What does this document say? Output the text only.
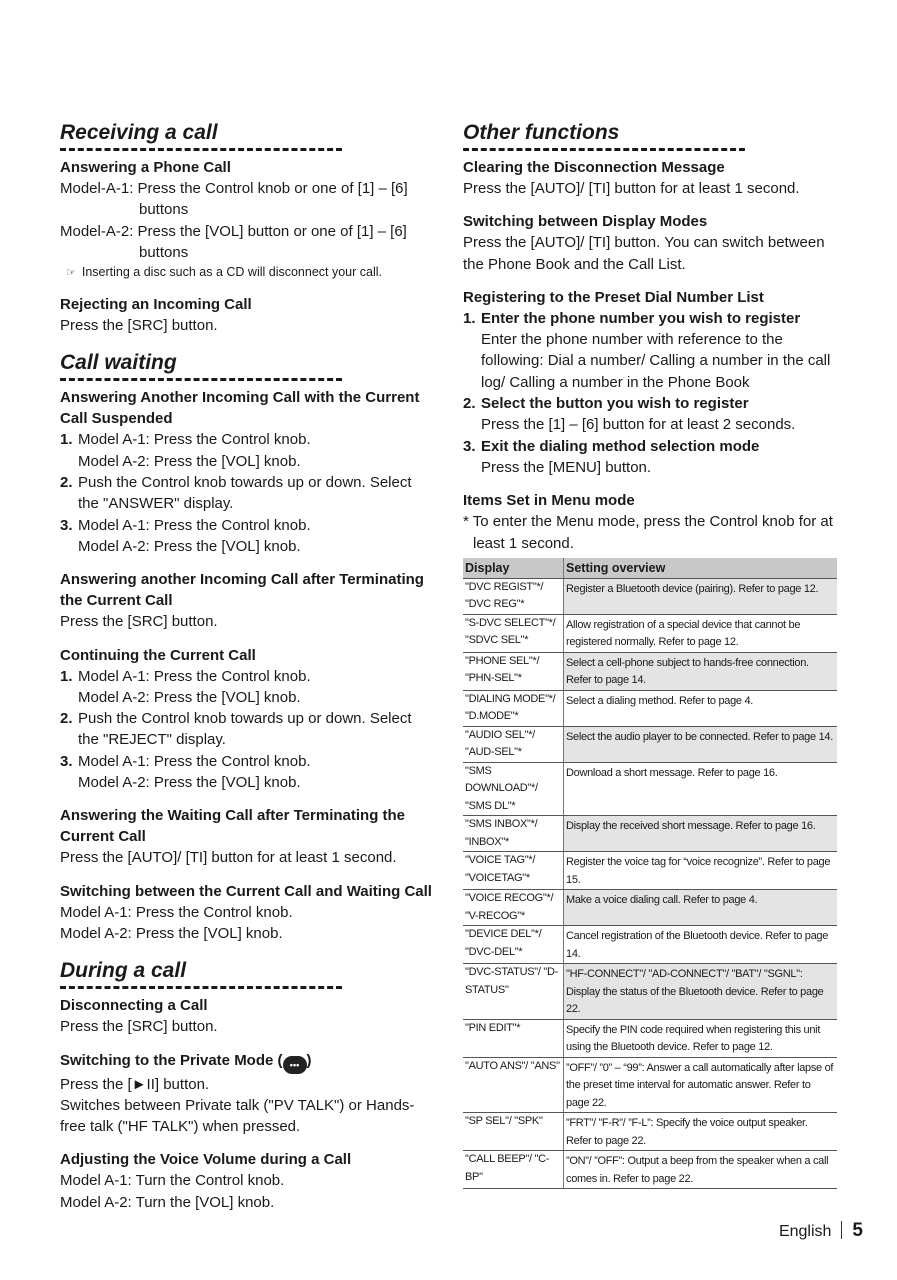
Receiving a call

Answering a Phone Call

Model-A-1: Press the Control knob or one of [1] – [6] buttons

Model-A-2: Press the [VOL] button or one of [1] – [6] buttons

☞ Inserting a disc such as a CD will disconnect your call.

Rejecting an Incoming Call

Press the [SRC] button.

Call waiting

Answering Another Incoming Call with the Current Call Suspended

1. Model A-1: Press the Control knob.
Model A-2: Press the [VOL] knob.
2. Push the Control knob towards up or down. Select the "ANSWER" display.
3. Model A-1: Press the Control knob.
Model A-2: Press the [VOL] knob.

Answering another Incoming Call after Terminating the Current Call

Press the [SRC] button.

Continuing the Current Call

1. Model A-1: Press the Control knob.
Model A-2: Press the [VOL] knob.
2. Push the Control knob towards up or down. Select the "REJECT" display.
3. Model A-1: Press the Control knob.
Model A-2: Press the [VOL] knob.

Answering the Waiting Call after Terminating the Current Call

Press the [AUTO]/ [TI] button for at least 1 second.

Switching between the Current Call and Waiting Call

Model A-1: Press the Control knob.

Model A-2: Press the [VOL] knob.

During a call

Disconnecting a Call

Press the [SRC] button.

Switching to the Private Mode ( ••• )

Press the [►II] button.

Switches between Private talk ("PV TALK") or Hands-free talk ("HF TALK") when pressed.

Adjusting the Voice Volume during a Call

Model A-1: Turn the Control knob.

Model A-2: Turn the [VOL] knob.

Other functions

Clearing the Disconnection Message

Press the [AUTO]/ [TI] button for at least 1 second.

Switching between Display Modes

Press the [AUTO]/ [TI] button. You can switch between the Phone Book and the Call List.

Registering to the Preset Dial Number List

1. Enter the phone number you wish to register
Enter the phone number with reference to the following: Dial a number/ Calling a number in the call log/ Calling a number in the Phone Book
2. Select the button you wish to register
Press the [1] – [6] button for at least 2 seconds.
3. Exit the dialing method selection mode
Press the [MENU] button.

Items Set in Menu mode

* To enter the Menu mode, press the Control knob for at least 1 second.

Display	Setting overview
"DVC REGIST"*/ "DVC REG"*	Register a Bluetooth device (pairing). Refer to page 12.
"S-DVC SELECT"*/ "SDVC SEL"*	Allow registration of a special device that cannot be registered normally. Refer to page 12.
"PHONE SEL"*/ "PHN-SEL"*	Select a cell-phone subject to hands-free connection. Refer to page 14.
"DIALING MODE"*/ "D.MODE"*	Select a dialing method. Refer to page 4.
"AUDIO SEL"*/ "AUD-SEL"*	Select the audio player to be connected. Refer to page 14.
"SMS DOWNLOAD"*/ "SMS DL"*	Download a short message. Refer to page 16.
"SMS INBOX"*/ "INBOX"*	Display the received short message. Refer to page 16.
"VOICE TAG"*/ "VOICETAG"*	Register the voice tag for “voice recognize”. Refer to page 15.
"VOICE RECOG"*/ "V-RECOG"*	Make a voice dialing call. Refer to page 4.
"DEVICE DEL"*/ "DVC-DEL"*	Cancel registration of the Bluetooth device. Refer to page 14.
"DVC-STATUS"/ "D-STATUS"	"HF-CONNECT"/ "AD-CONNECT"/ "BAT"/ "SGNL": Display the status of the Bluetooth device. Refer to page 22.
"PIN EDIT"*	Specify the PIN code required when registering this unit using the Bluetooth device. Refer to page 12.
"AUTO ANS"/ "ANS"	”OFF”/ ”0” – “99”: Answer a call automatically after lapse of the preset time interval for automatic answer. Refer to page 22.
"SP SEL"/ "SPK"	”FRT”/ ”F-R”/ ”F-L”: Specify the voice output speaker. Refer to page 22.
"CALL BEEP"/ "C-BP"	”ON”/ ”OFF”: Output a beep from the speaker when a call comes in. Refer to page 22.
English 5
